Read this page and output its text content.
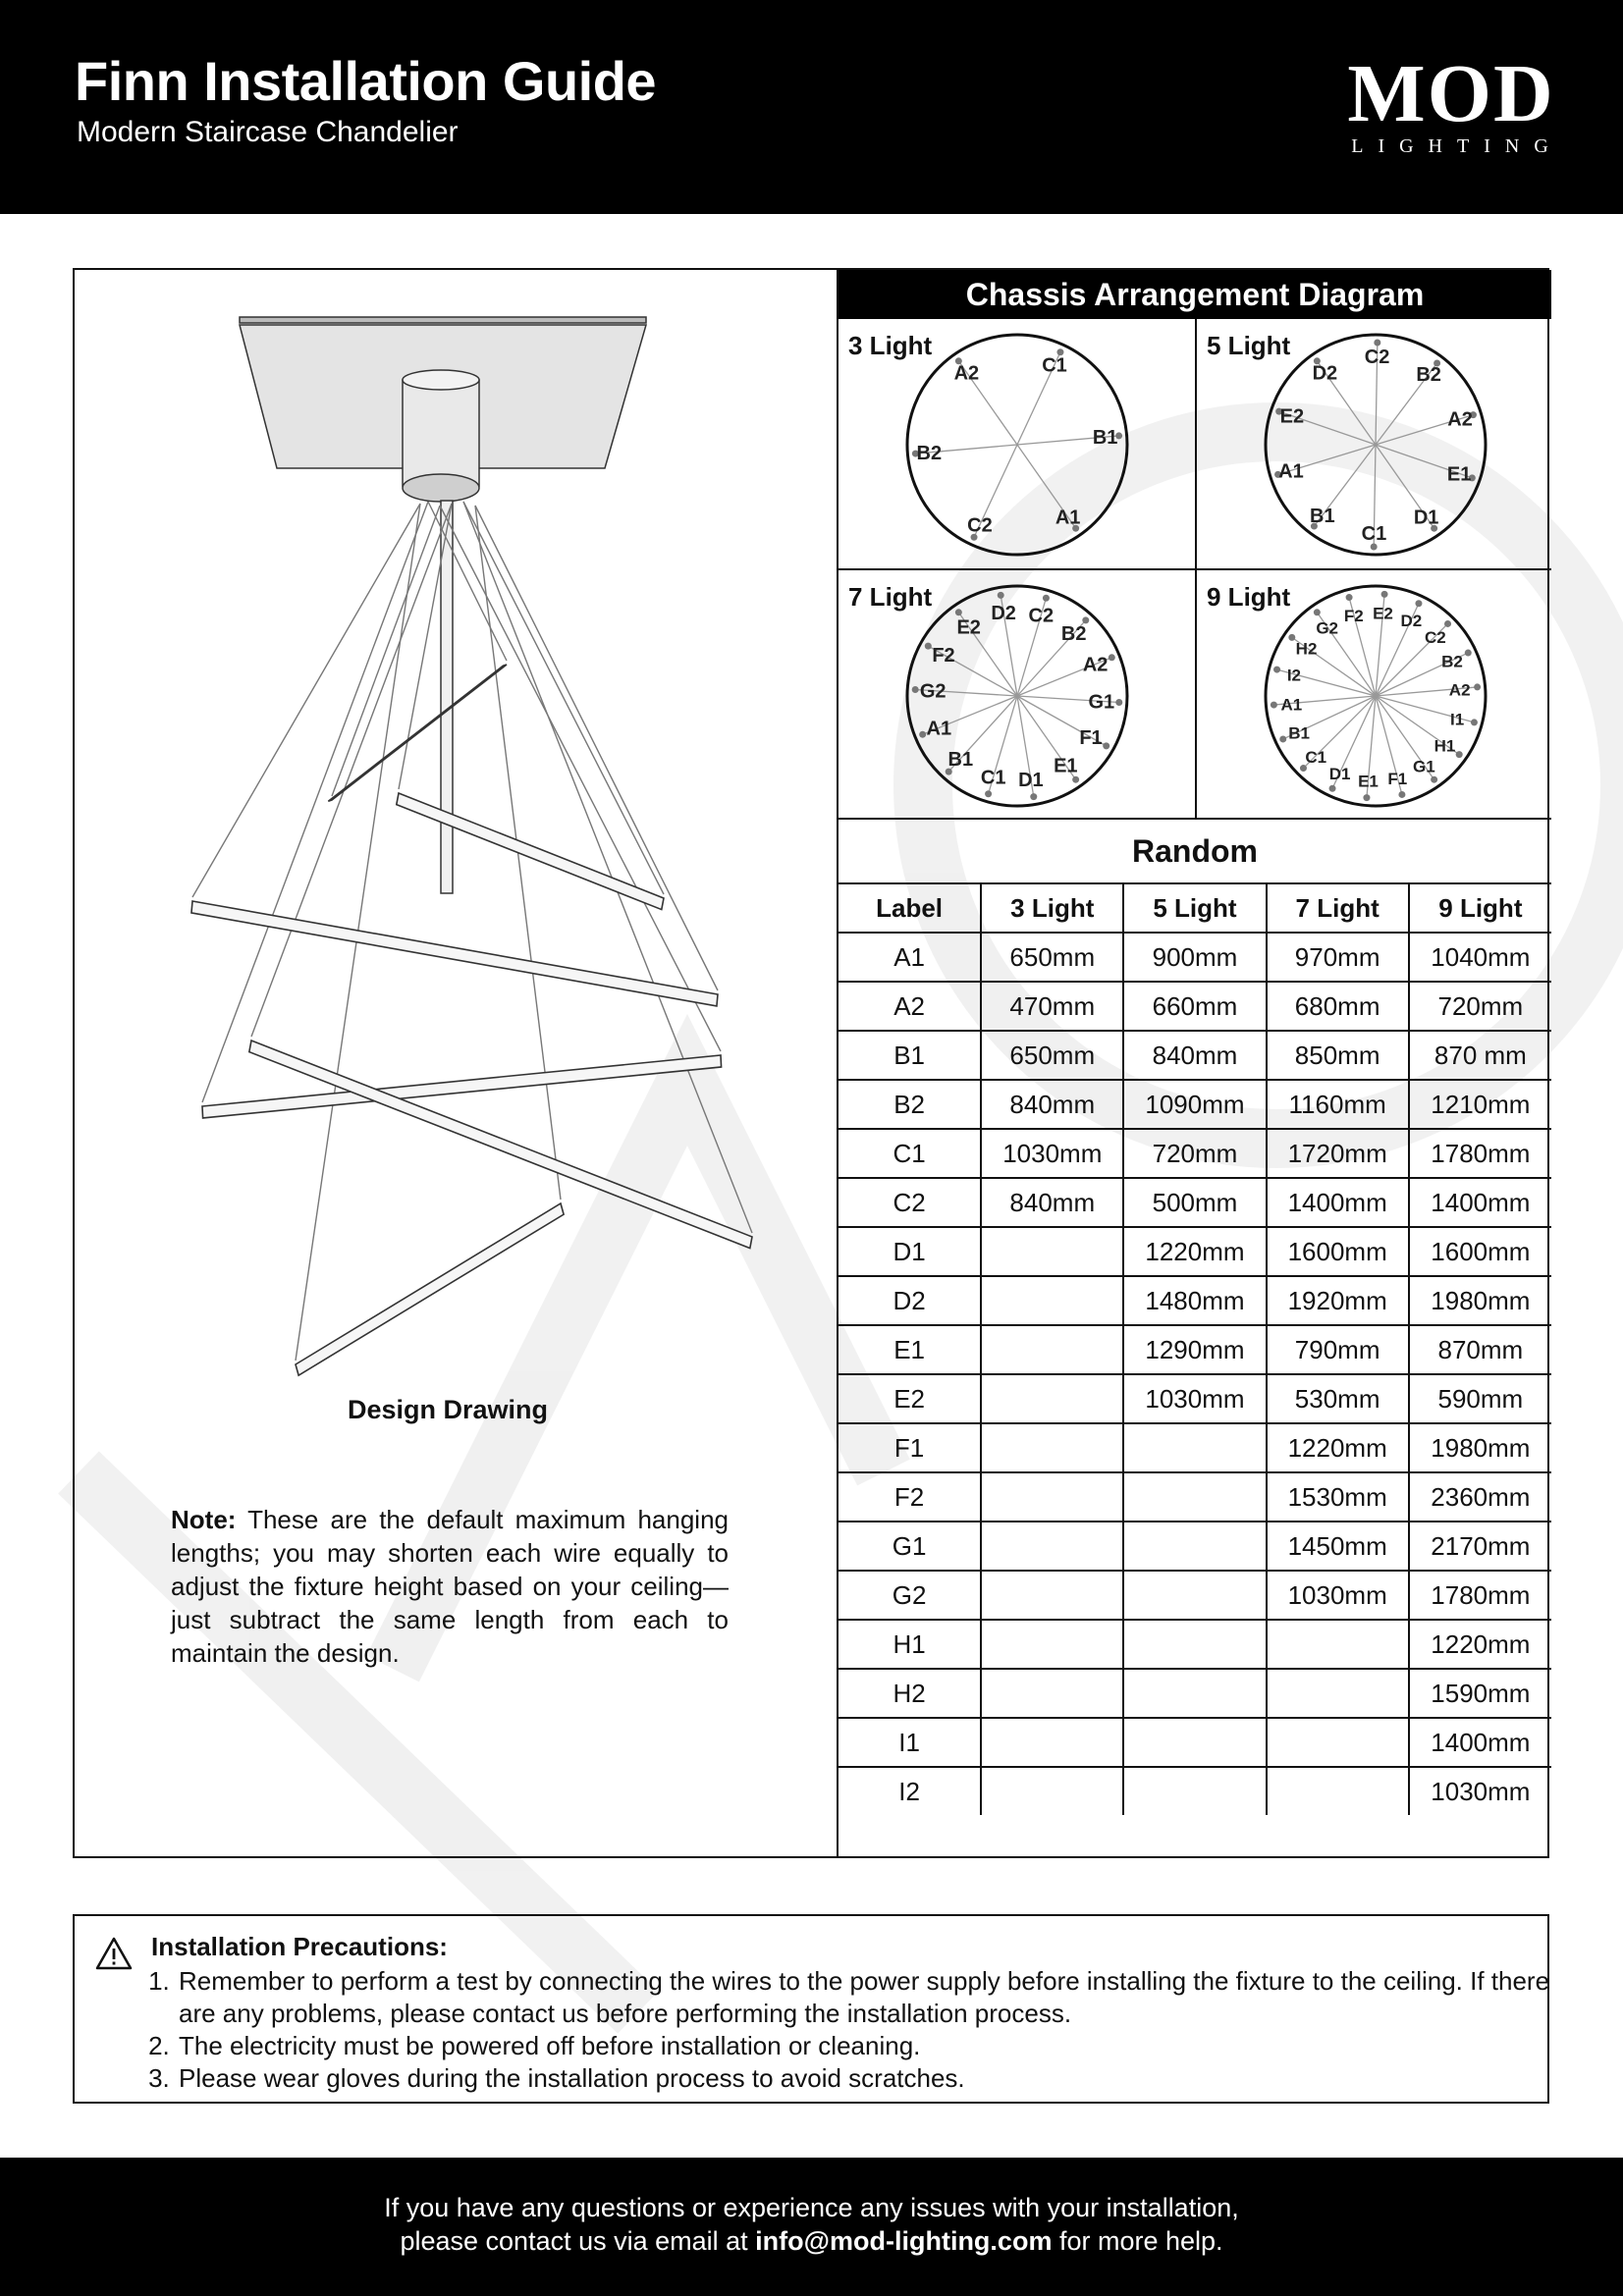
Finn Installation Guide
Modern Staircase Chandelier	MOD
LIGHTING
Design Drawing
Note: These are the default maximum hanging lengths; you may shorten each wire equally to adjust the fixture height based on your ceiling—just subtract the same length from each to maintain the design.
Chassis Arrangement Diagram
A2	C1
B1
A1
C2
B2
3 Light
D2
C2
B2
A2
E1
D1
C1
B1
A1
E2
5 Light
E2
D2 C2
B2
A2
G1
F1
E1
D1
C1
B1
A1
G2
F2
7 Light
G2
F2 E2 D2
C2
B2
A2
I1
H1
G1
F1
E1
D1
C1
B1
A1
I2
H2
9 Light
Random
Label	3 Light	5 Light	7 Light	9 Light
A1	650mm	900mm	970mm	1040mm
A2	470mm	660mm	680mm	720mm
B1	650mm	840mm	850mm	870 mm
B2	840mm	1090mm	1160mm	1210mm
C1	1030mm	720mm	1720mm	1780mm
C2	840mm	500mm	1400mm	1400mm
D1		1220mm	1600mm	1600mm
D2		1480mm	1920mm	1980mm
E1		1290mm	790mm	870mm
E2		1030mm	530mm	590mm
F1			1220mm	1980mm
F2			1530mm	2360mm
G1			1450mm	2170mm
G2			1030mm	1780mm
H1				1220mm
H2				1590mm
I1				1400mm
I2				1030mm
Installation Precautions:
1. Remember to perform a test by connecting the wires to the power supply before installing the fixture to the ceiling. If there are any problems, please contact us before performing the installation process.
2. The electricity must be powered off before installation or cleaning.
3. Please wear gloves during the installation process to avoid scratches.
If you have any questions or experience any issues with your installation,
please contact us via email at info@mod-lighting.com for more help.
